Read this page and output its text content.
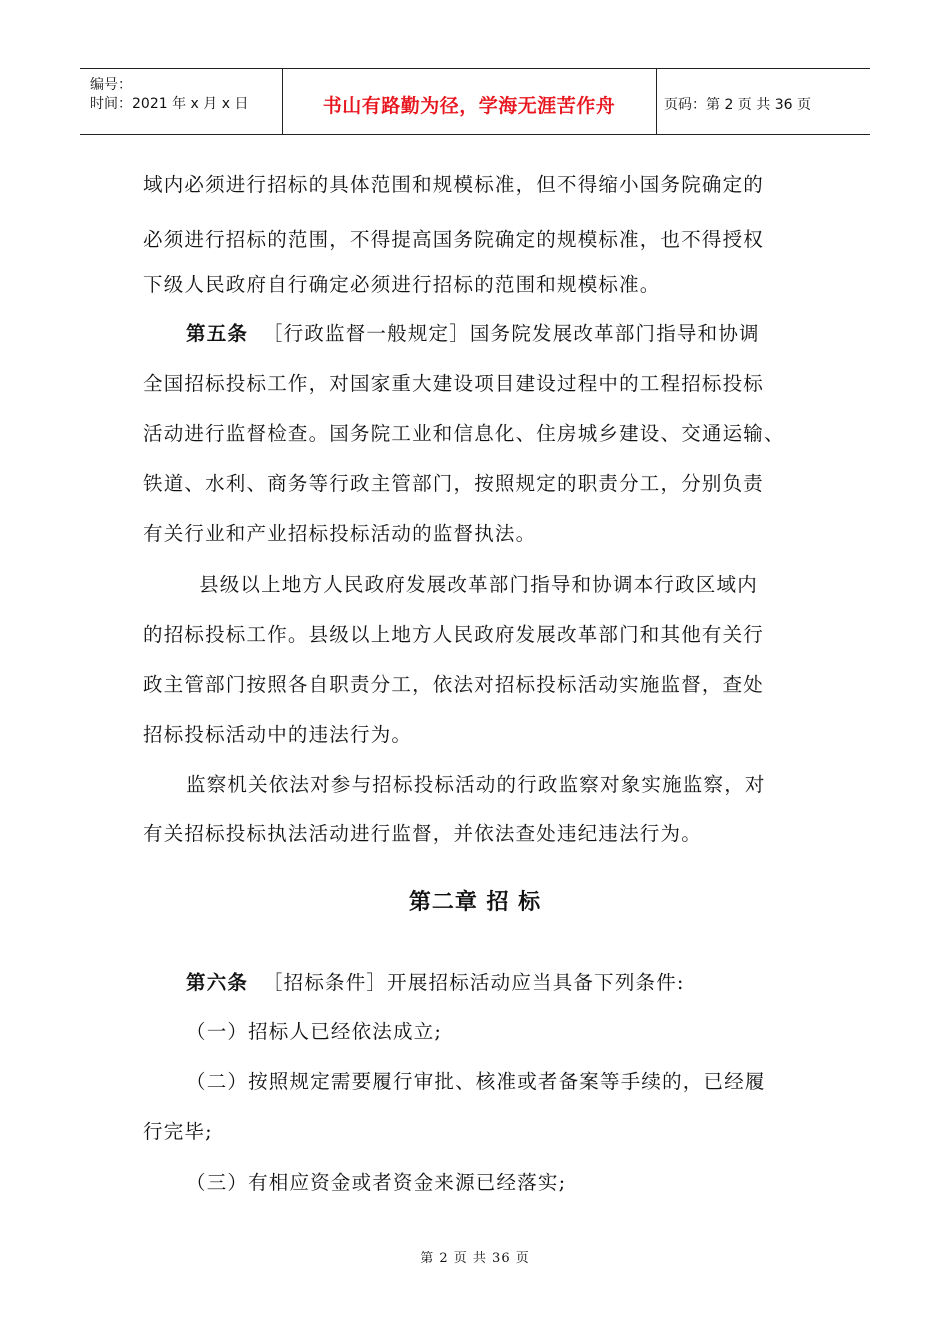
编号：
时间：2021 年 x 月 x 日	书山有路勤为径，学海无涯苦作舟	页码：第 2 页 共 36 页
域内必须进行招标的具体范围和规模标准，但不得缩小国务院确定的
必须进行招标的范围，不得提高国务院确定的规模标准，也不得授权
下级人民政府自行确定必须进行招标的范围和规模标准。
第五条 ［行政监督一般规定］国务院发展改革部门指导和协调
全国招标投标工作，对国家重大建设项目建设过程中的工程招标投标
活动进行监督检查。国务院工业和信息化、住房城乡建设、交通运输、
铁道、水利、商务等行政主管部门，按照规定的职责分工，分别负责
有关行业和产业招标投标活动的监督执法。
县级以上地方人民政府发展改革部门指导和协调本行政区域内
的招标投标工作。县级以上地方人民政府发展改革部门和其他有关行
政主管部门按照各自职责分工，依法对招标投标活动实施监督，查处
招标投标活动中的违法行为。
监察机关依法对参与招标投标活动的行政监察对象实施监察，对
有关招标投标执法活动进行监督，并依法查处违纪违法行为。
第六条 ［招标条件］开展招标活动应当具备下列条件:
（一）招标人已经依法成立;
（二）按照规定需要履行审批、核准或者备案等手续的，已经履
行完毕;
（三）有相应资金或者资金来源已经落实;
第二章 招 标
第 2 页 共 36 页
